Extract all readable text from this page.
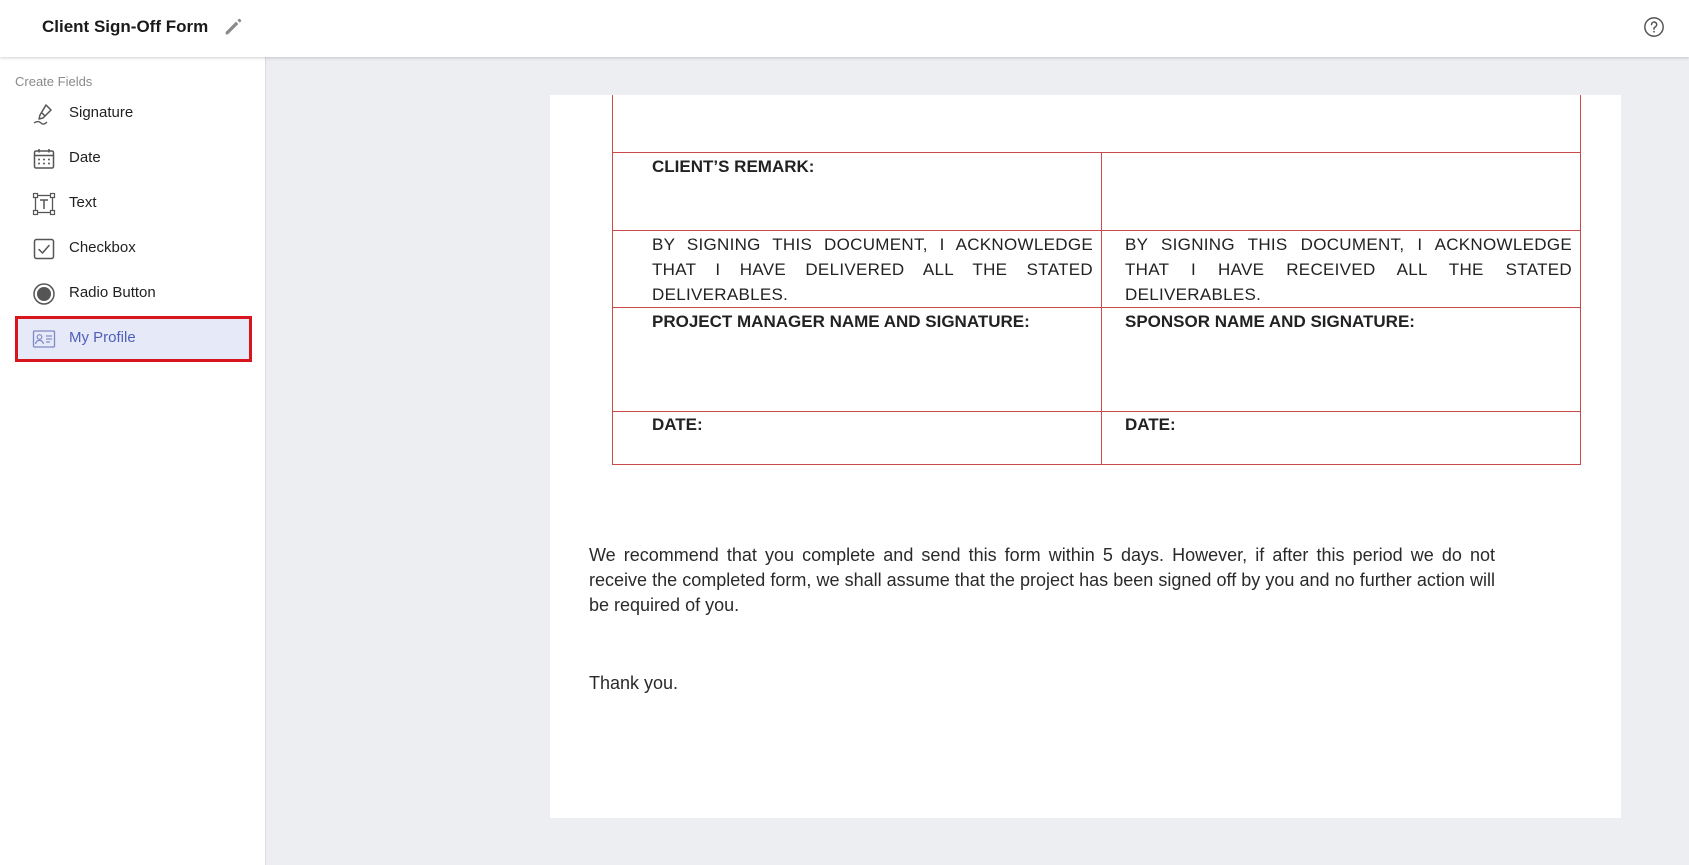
Client Sign-Off Form
Create Fields
Signature
Date
Text
Checkbox
Radio Button
My Profile
CLIENT’S REMARK:
BY SIGNING THIS DOCUMENT, I ACKNOWLEDGE THAT I HAVE DELIVERED ALL THE STATED DELIVERABLES.
BY SIGNING THIS DOCUMENT, I ACKNOWLEDGE THAT I HAVE RECEIVED ALL THE STATED DELIVERABLES.
PROJECT MANAGER NAME AND SIGNATURE:	SPONSOR NAME AND SIGNATURE:
DATE:	DATE:
We recommend that you complete and send this form within 5 days. However, if after this period we do not receive the completed form, we shall assume that the project has been signed off by you and no further action will be required of you.
Thank you.
